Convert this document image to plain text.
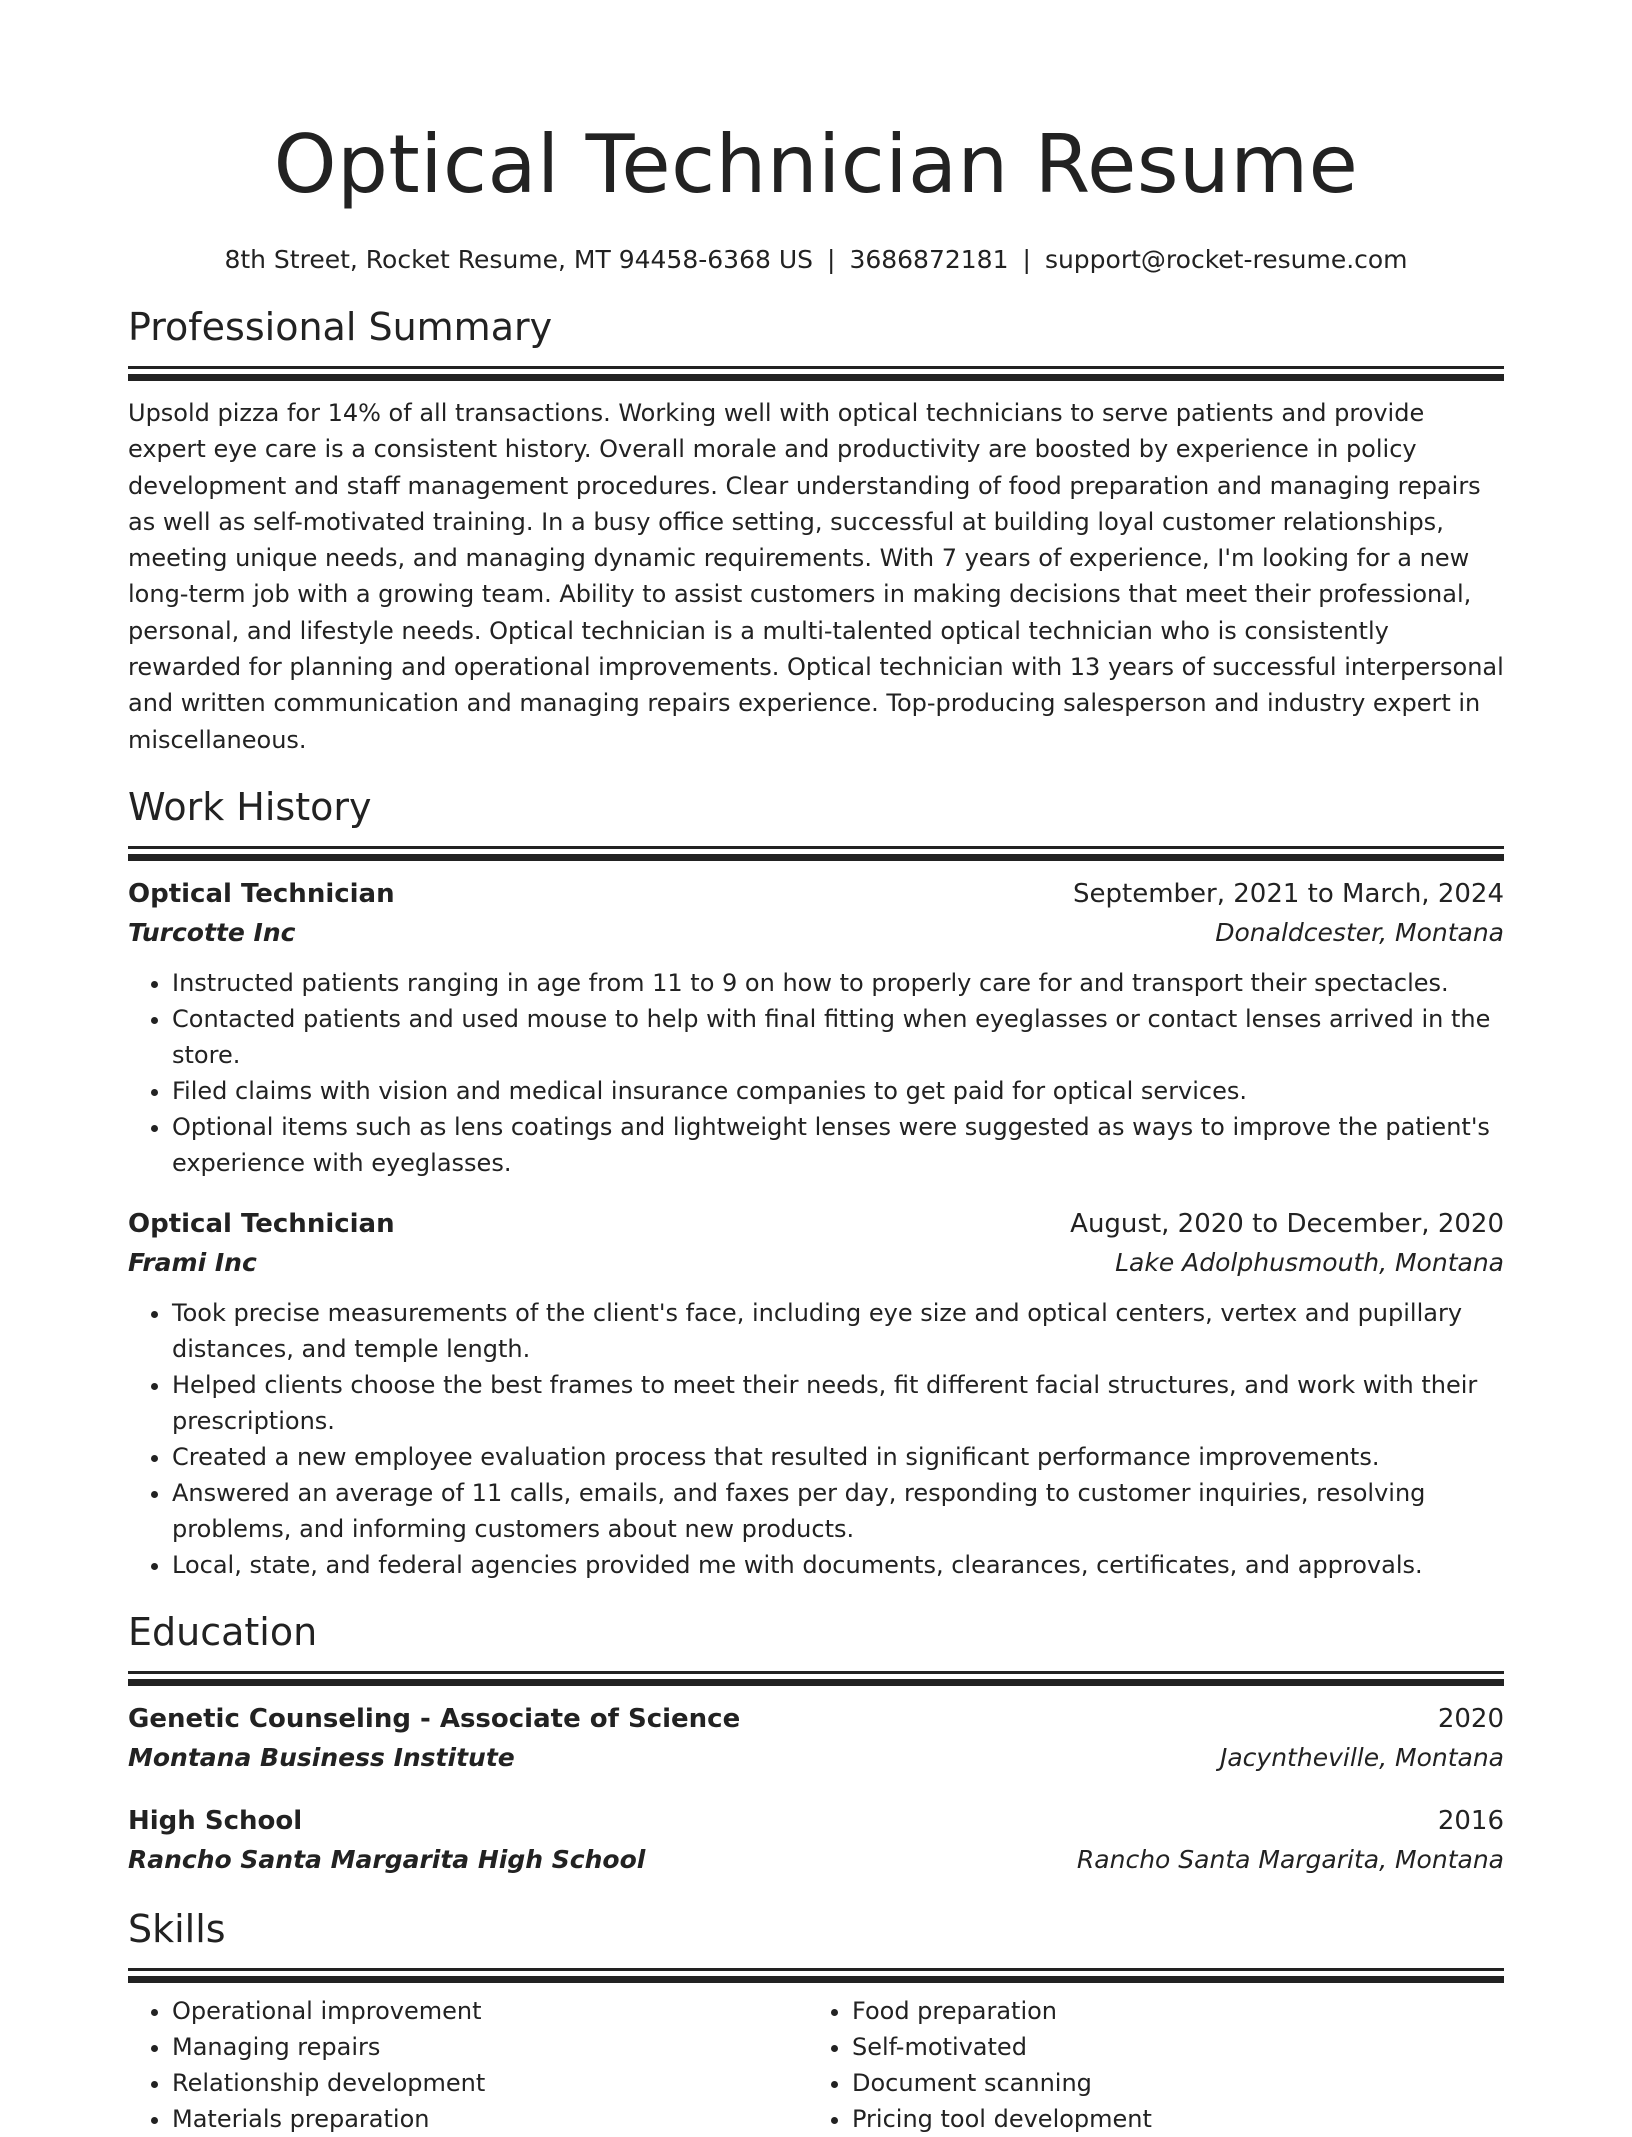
Optical Technician Resume
8th Street, Rocket Resume, MT 94458-6368 US | 3686872181 | support@rocket-resume.com
Professional Summary
Upsold pizza for 14% of all transactions. Working well with optical technicians to serve patients and provide expert eye care is a consistent history. Overall morale and productivity are boosted by experience in policy development and staff management procedures. Clear understanding of food preparation and managing repairs as well as self-motivated training. In a busy office setting, successful at building loyal customer relationships, meeting unique needs, and managing dynamic requirements. With 7 years of experience, I'm looking for a new long-term job with a growing team. Ability to assist customers in making decisions that meet their professional, personal, and lifestyle needs. Optical technician is a multi-talented optical technician who is consistently rewarded for planning and operational improvements. Optical technician with 13 years of successful interpersonal and written communication and managing repairs experience. Top-producing salesperson and industry expert in miscellaneous.
Work History
Optical Technician	September, 2021 to March, 2024
Turcotte Inc	Donaldcester, Montana
• Instructed patients ranging in age from 11 to 9 on how to properly care for and transport their spectacles.
• Contacted patients and used mouse to help with final fitting when eyeglasses or contact lenses arrived in the store.
• Filed claims with vision and medical insurance companies to get paid for optical services.
• Optional items such as lens coatings and lightweight lenses were suggested as ways to improve the patient's experience with eyeglasses.
Optical Technician	August, 2020 to December, 2020
Frami Inc	Lake Adolphusmouth, Montana
• Took precise measurements of the client's face, including eye size and optical centers, vertex and pupillary distances, and temple length.
• Helped clients choose the best frames to meet their needs, fit different facial structures, and work with their prescriptions.
• Created a new employee evaluation process that resulted in significant performance improvements.
• Answered an average of 11 calls, emails, and faxes per day, responding to customer inquiries, resolving problems, and informing customers about new products.
• Local, state, and federal agencies provided me with documents, clearances, certificates, and approvals.
Education
Genetic Counseling - Associate of Science	2020
Montana Business Institute	Jacyntheville, Montana
High School	2016
Rancho Santa Margarita High School	Rancho Santa Margarita, Montana
Skills
• Operational improvement
• Managing repairs
• Relationship development
• Materials preparation
• Food preparation
• Self-motivated
• Document scanning
• Pricing tool development
